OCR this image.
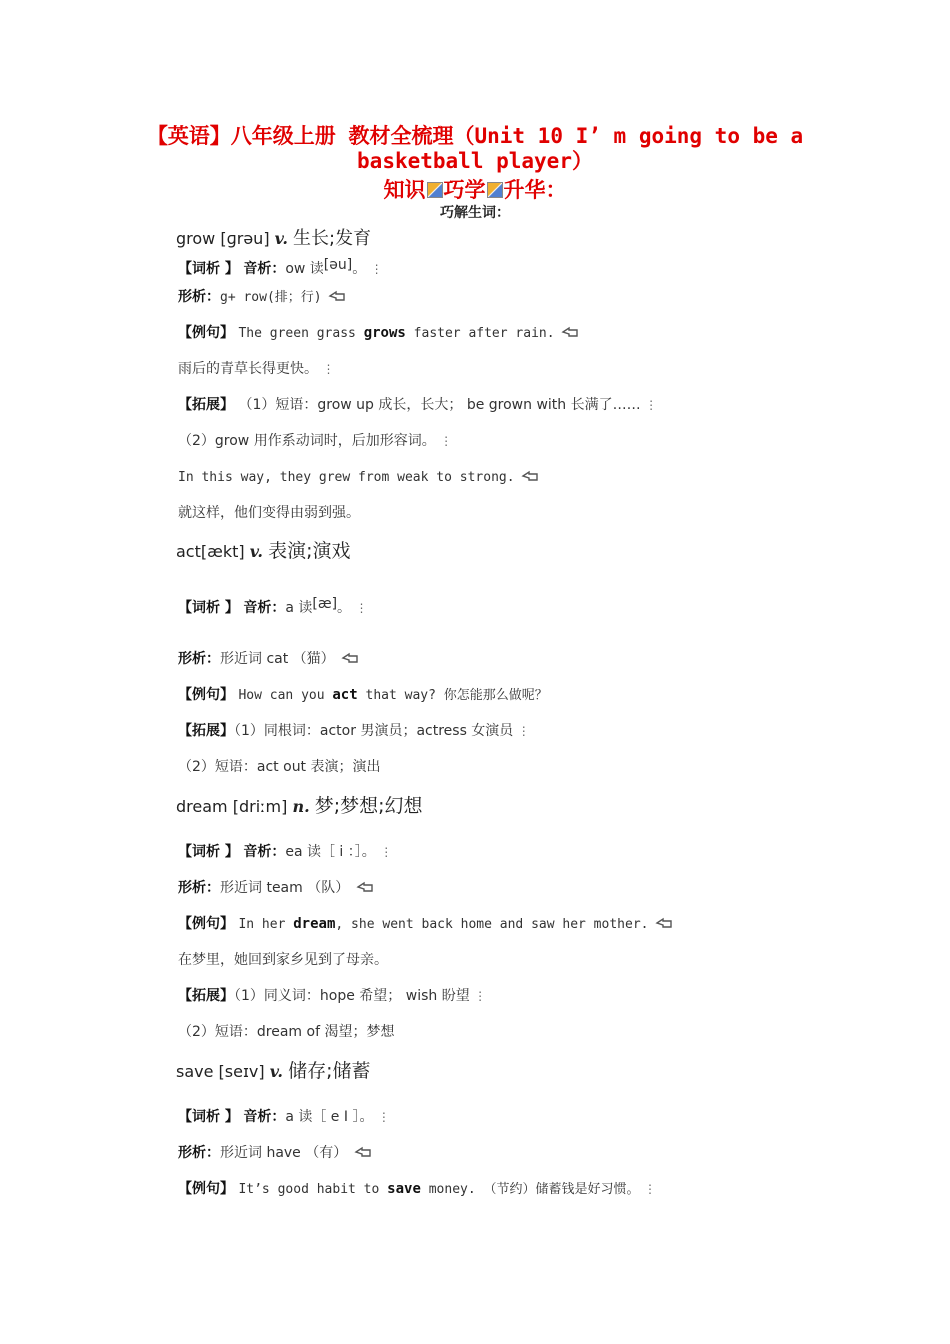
【英语】八年级上册 教材全梳理（Unit 10 I’ m going to be a
basketball player）
知识 巧学 升华：
巧解生词：
grow [ɡrəu] v. 生长;发育
【词析 】 音析：ow 读[əu]。 ⋮
形析：g+ row(排；行)
【例句】 The green grass grows faster after rain.
雨后的青草长得更快。 ⋮
【拓展】 （1）短语：grow up 成长，长大； be grown with 长满了…… ⋮
（2）grow 用作系动词时，后加形容词。 ⋮
In this way, they grew from weak to strong.
就这样，他们变得由弱到强。
act[ækt] v. 表演;演戏
【词析 】 音析：a 读[æ]。 ⋮
形析：形近词 cat （猫）
【例句】 How can you act that way? 你怎能那么做呢？
【拓展】（1）同根词：actor 男演员；actress 女演员 ⋮
（2）短语：act out 表演；演出
dream [driːm] n. 梦;梦想;幻想
【词析 】 音析：ea 读［ i ：］。 ⋮
形析：形近词 team （队）
【例句】 In her dream, she went back home and saw her mother.
在梦里，她回到家乡见到了母亲。
【拓展】（1）同义词：hope 希望； wish 盼望 ⋮
（2）短语：dream of 渴望；梦想
save [seɪv] v. 储存;储蓄
【词析 】 音析：a 读［ e I ］。 ⋮
形析：形近词 have （有）
【例句】 It’s good habit to save money. （节约）储蓄钱是好习惯。 ⋮
